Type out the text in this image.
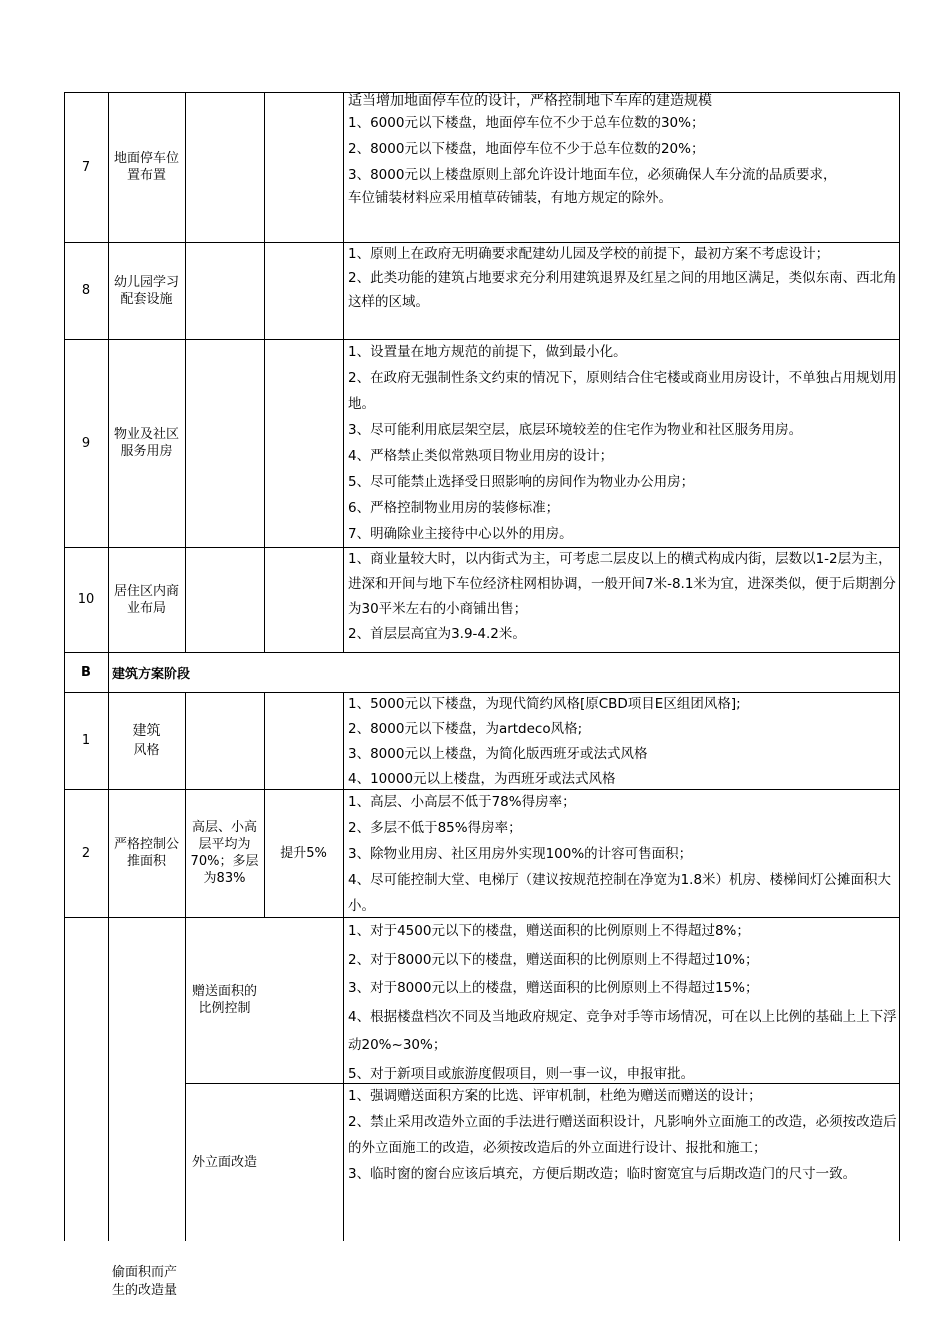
7
地面停车位
置布置

适当增加地面停车位的设计，严格控制地下车库的建造规模

1、6000元以下楼盘，地面停车位不少于总车位数的30%；

2、8000元以下楼盘，地面停车位不少于总车位数的20%；

3、8000元以上楼盘原则上部允许设计地面车位，必须确保人车分流的品质要求，

车位铺装材料应采用植草砖铺装，有地方规定的除外。

8
幼儿园学习
配套设施

1、原则上在政府无明确要求配建幼儿园及学校的前提下，最初方案不考虑设计；

2、此类功能的建筑占地要求充分利用建筑退界及红星之间的用地区满足，类似东南、西北角这样的区域。

9
物业及社区
服务用房

1、设置量在地方规范的前提下，做到最小化。

2、在政府无强制性条文约束的情况下，原则结合住宅楼或商业用房设计，不单独占用规划用地。

3、尽可能利用底层架空层，底层环境较差的住宅作为物业和社区服务用房。

4、严格禁止类似常熟项目物业用房的设计；

5、尽可能禁止选择受日照影响的房间作为物业办公用房；

6、严格控制物业用房的装修标准；

7、明确除业主接待中心以外的用房。

10
居住区内商
业布局

1、商业量较大时，以内街式为主，可考虑二层皮以上的横式构成内街，层数以1-2层为主，进深和开间与地下车位经济柱网相协调，一般开间7米-8.1米为宜，进深类似，便于后期割分为30平米左右的小商铺出售；

2、首层层高宜为3.9-4.2米。

B	建筑方案阶段
1
建筑
风格

1、5000元以下楼盘，为现代简约风格[原CBD项目E区组团风格];

2、8000元以下楼盘，为artdeco风格;

3、8000元以上楼盘，为简化版西班牙或法式风格

4、10000元以上楼盘，为西班牙或法式风格

2
严格控制公
推面积
高层、小高
层平均为
70%；多层
为83%
提升5%

1、高层、小高层不低于78%得房率；

2、多层不低于85%得房率；

3、除物业用房、社区用房外实现100%的计容可售面积；

4、尽可能控制大堂、电梯厅（建议按规范控制在净宽为1.8米）机房、楼梯间灯公摊面积大小。

赠送面积的
比例控制

1、对于4500元以下的楼盘，赠送面积的比例原则上不得超过8%；

2、对于8000元以下的楼盘，赠送面积的比例原则上不得超过10%；

3、对于8000元以上的楼盘，赠送面积的比例原则上不得超过15%；

4、根据楼盘档次不同及当地政府规定、竞争对手等市场情况，可在以上比例的基础上上下浮动20%~30%；

5、对于新项目或旅游度假项目，则一事一议，申报审批。

外立面改造

1、强调赠送面积方案的比选、评审机制，杜绝为赠送而赠送的设计；

2、禁止采用改造外立面的手法进行赠送面积设计，凡影响外立面施工的改造，必须按改造后的外立面施工的改造，必须按改造后的外立面进行设计、报批和施工；

3、临时窗的窗台应该后填充，方便后期改造；临时窗宽宜与后期改造门的尺寸一致。

偷面积而产
生的改造量
